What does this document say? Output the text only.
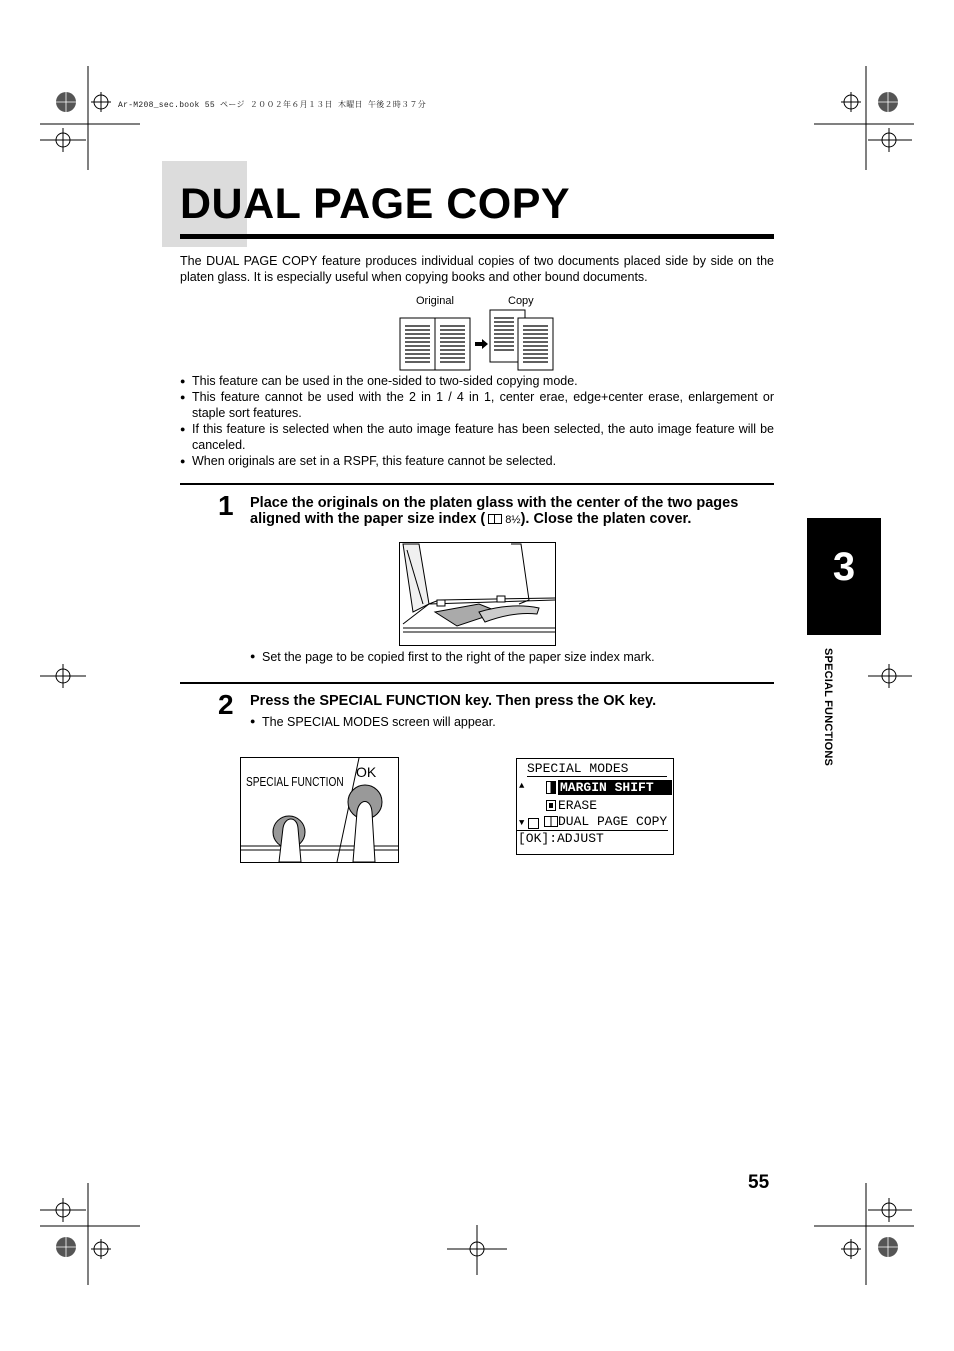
Ar-M208_sec.book 55 ページ ２００２年６月１３日 木曜日 午後２時３７分
DUAL PAGE COPY

The DUAL PAGE COPY feature produces individual copies of two documents placed side by side on the platen glass. It is especially useful when copying books and other bound documents.

Original	Copy
● This feature can be used in the one-sided to two-sided copying mode.
● This feature cannot be used with the 2 in 1 / 4 in 1, center erae, edge+center erase, enlargement or staple sort features.
● If this feature is selected when the auto image feature has been selected, the auto image feature will be canceled.
● When originals are set in a RSPF, this feature cannot be selected.
1 Place the originals on the platen glass with the center of the two pages aligned with the paper size index ( 8½). Close the platen cover.

● Set the page to be copied first to the right of the paper size index mark.
2 Press the SPECIAL FUNCTION key. Then press the OK key.

● The SPECIAL MODES screen will appear.
SPECIAL FUNCTION
OK	SPECIAL MODES
▲	MARGIN SHIFT
ERASE
▼	DUAL PAGE COPY
[OK]:ADJUST
3
SPECIAL FUNCTIONS
55
